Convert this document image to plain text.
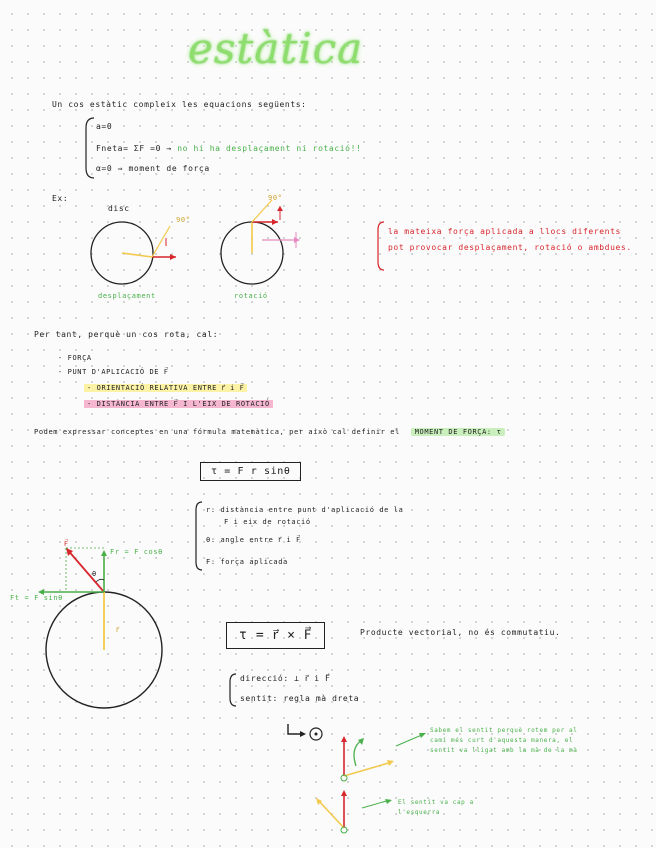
estàtica
Un cos estàtic compleix les equacions següents:
a=0
Fneta= ΣF =0 → no hi ha desplaçament ni rotació!!
α=0 ⇒ moment de força
Ex:
disc
90°
90°
desplaçament	rotació
la mateixa força aplicada a llocs diferents pot provocar desplaçament, rotació o ambdues.
Per tant, perquè un cos rota, cal:
- FORÇA
- PUNT D'APLICACIÓ DE F⃗
- ORIENTACIÓ RELATIVA ENTRE r⃗ i F⃗
- DISTÀNCIA ENTRE F⃗ I L'EIX DE ROTACIÓ
Podem expressar conceptes en una fórmula matemàtica, per això cal definir el MOMENT DE FORÇA: τ
τ = F r sinθ
r: distància entre punt d'aplicació de la
F i eix de rotació
θ: angle entre r⃗ i F⃗
F: força aplicada
Fr = F cosθ
Ft = F sinθ
F⃗
θ
r⃗	τ = r⃗ × F⃗	Producte vectorial, no és commutatiu.
direcció: ⊥ r⃗ i F⃗
sentit: regla mà dreta
Sabem el sentit perquè rotem per al camí més curt d'aquesta manera, el sentit va lligat amb la mà de la mà
El sentit va cap a l'esquerra
